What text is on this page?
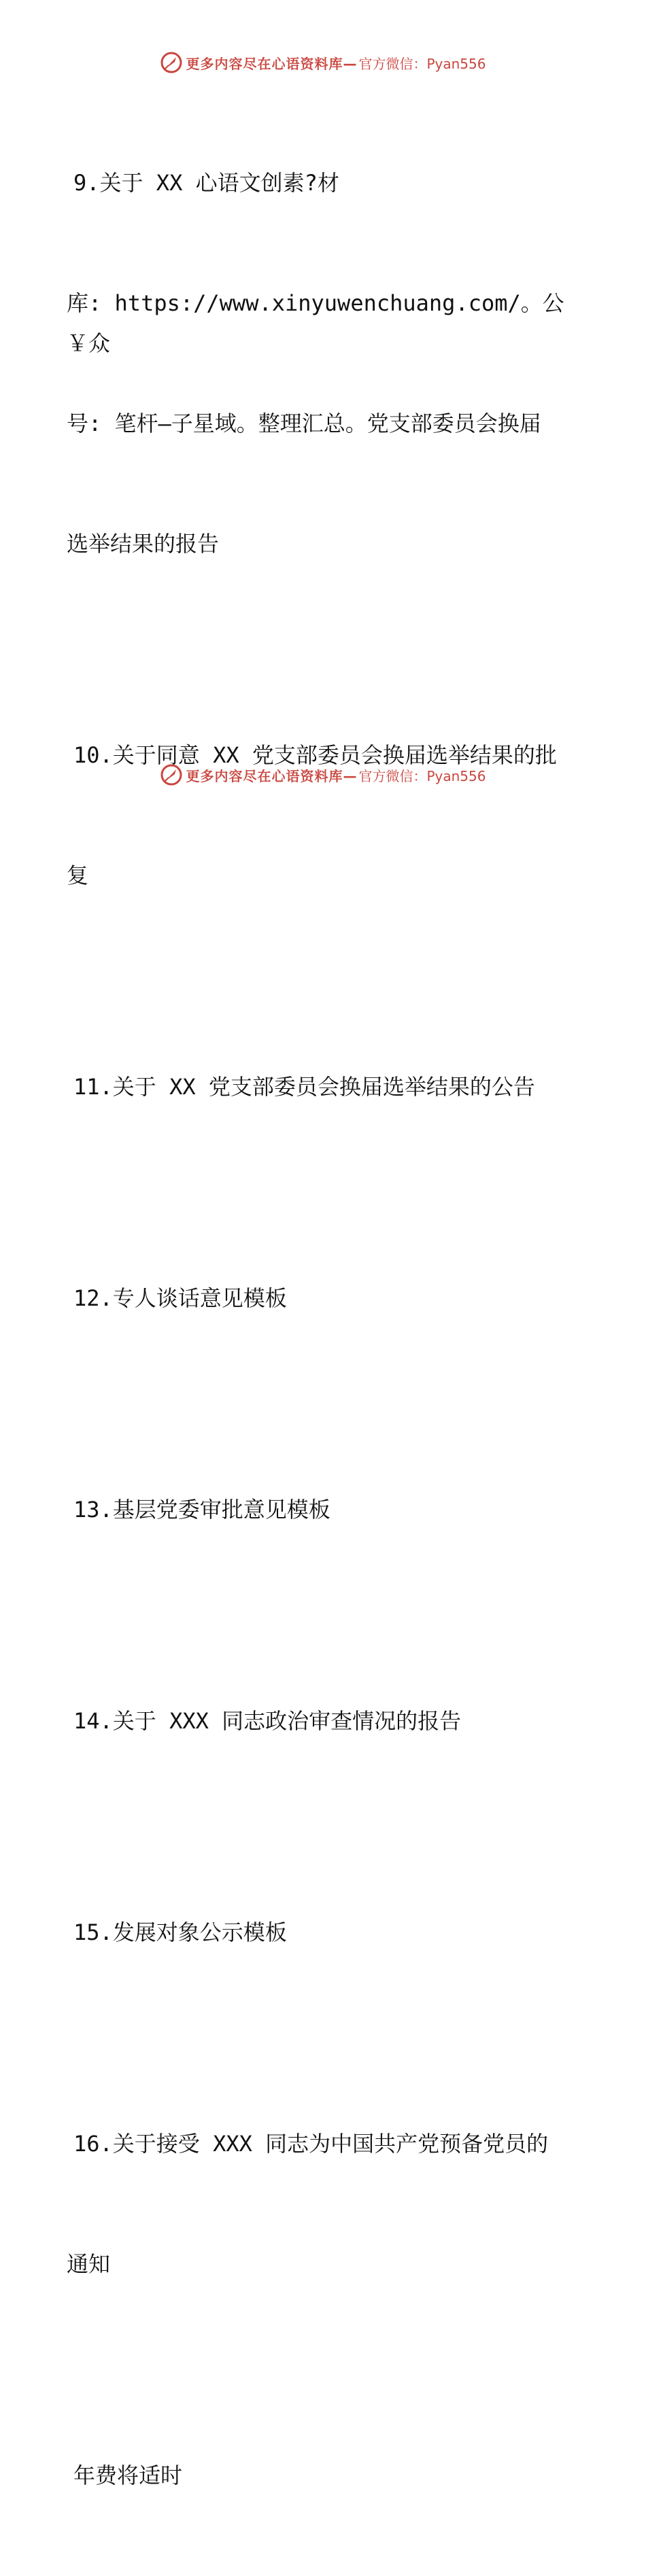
更多内容尽在心语资料库— 官方微信：Pyan556

9.关于 XX 心语文创素?材

库: https://www.xinyuwenchuang.com/。公￥众

号: 笔杆—子星域。整理汇总。党支部委员会换届

选举结果的报告

10.关于同意 XX 党支部委员会换届选举结果的批

复

11.关于 XX 党支部委员会换届选举结果的公告

12.专人谈话意见模板

13.基层党委审批意见模板

14.关于 XXX 同志政治审查情况的报告

15.发展对象公示模板

16.关于接受 XXX 同志为中国共产党预备党员的

通知

年费将适时

更多内容尽在心语资料库— 官方微信：Pyan556
